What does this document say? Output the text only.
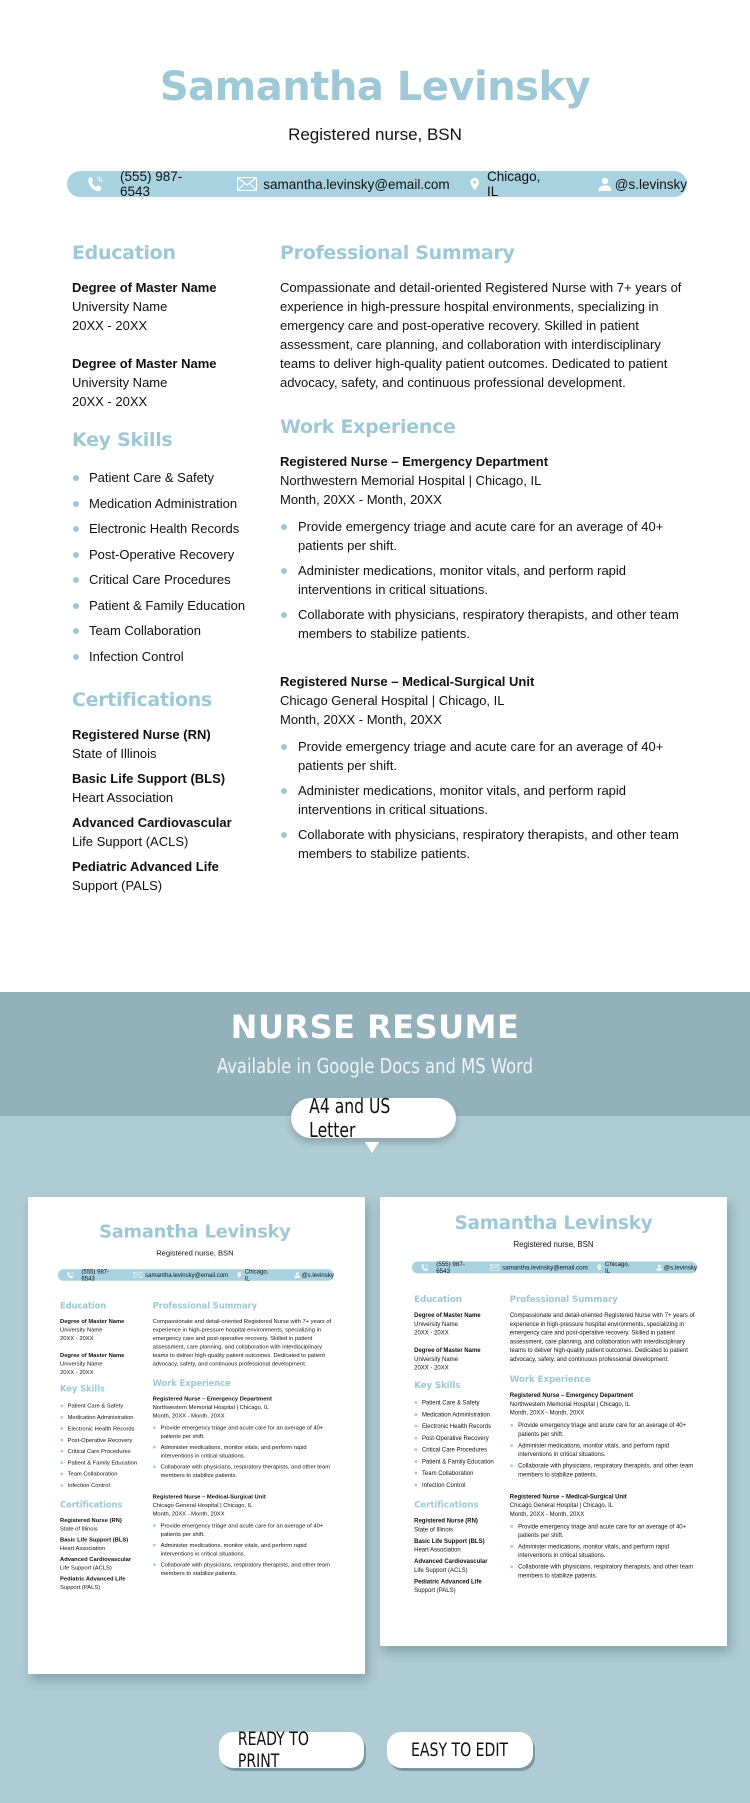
Samantha Levinsky
Registered nurse, BSN
(555) 987-6543	samantha.levinsky@email.com	Chicago, IL	@s.levinsky
Education
Degree of Master Name
University Name
20XX - 20XX
Degree of Master Name
University Name
20XX - 20XX
Key Skills
Patient Care & Safety
Medication Administration
Electronic Health Records
Post-Operative Recovery
Critical Care Procedures
Patient & Family Education
Team Collaboration
Infection Control
Certifications
Registered Nurse (RN)
State of Illinois
Basic Life Support (BLS)
Heart Association
Advanced Cardiovascular
Life Support (ACLS)
Pediatric Advanced Life
Support (PALS)
Professional Summary
Compassionate and detail-oriented Registered Nurse with 7+ years of experience in high-pressure hospital environments, specializing in emergency care and post-operative recovery. Skilled in patient assessment, care planning, and collaboration with interdisciplinary teams to deliver high-quality patient outcomes. Dedicated to patient advocacy, safety, and continuous professional development.
Work Experience
Registered Nurse – Emergency Department
Northwestern Memorial Hospital | Chicago, IL
Month, 20XX - Month, 20XX
Provide emergency triage and acute care for an average of 40+ patients per shift.
Administer medications, monitor vitals, and perform rapid interventions in critical situations.
Collaborate with physicians, respiratory therapists, and other team members to stabilize patients.
Registered Nurse – Medical-Surgical Unit
Chicago General Hospital | Chicago, IL
Month, 20XX - Month, 20XX
Provide emergency triage and acute care for an average of 40+ patients per shift.
Administer medications, monitor vitals, and perform rapid interventions in critical situations.
Collaborate with physicians, respiratory therapists, and other team members to stabilize patients.
NURSE RESUME
Available in Google Docs and MS Word
A4 and US Letter
Samantha Levinsky
Registered nurse, BSN
(555) 987-6543	samantha.levinsky@email.com Chicago, IL	@s.levinsky
Education
Degree of Master Name
University Name
20XX - 20XX
Degree of Master Name
University Name
20XX - 20XX
Key Skills
Patient Care & Safety
Medication Administration
Electronic Health Records
Post-Operative Recovery
Critical Care Procedures
Patient & Family Education
Team Collaboration
Infection Control
Certifications
Registered Nurse (RN)
State of Illinois
Basic Life Support (BLS)
Heart Association
Advanced Cardiovascular
Life Support (ACLS)
Pediatric Advanced Life
Support (PALS)
Professional Summary
Compassionate and detail-oriented Registered Nurse with 7+ years of experience in high-pressure hospital environments, specializing in emergency care and post-operative recovery. Skilled in patient assessment, care planning, and collaboration with interdisciplinary teams to deliver high-quality patient outcomes. Dedicated to patient advocacy, safety, and continuous professional development.
Work Experience
Registered Nurse – Emergency Department
Northwestern Memorial Hospital | Chicago, IL
Month, 20XX - Month, 20XX
Provide emergency triage and acute care for an average of 40+ patients per shift.
Administer medications, monitor vitals, and perform rapid interventions in critical situations.
Collaborate with physicians, respiratory therapists, and other team members to stabilize patients.
Registered Nurse – Medical-Surgical Unit
Chicago General Hospital | Chicago, IL
Month, 20XX - Month, 20XX
Provide emergency triage and acute care for an average of 40+ patients per shift.
Administer medications, monitor vitals, and perform rapid interventions in critical situations.
Collaborate with physicians, respiratory therapists, and other team members to stabilize patients.
Samantha Levinsky
Registered nurse, BSN
(555) 987-6543	samantha.levinsky@email.com Chicago, IL	@s.levinsky
Education
Degree of Master Name
University Name
20XX - 20XX
Degree of Master Name
University Name
20XX - 20XX
Key Skills
Patient Care & Safety
Medication Administration
Electronic Health Records
Post-Operative Recovery
Critical Care Procedures
Patient & Family Education
Team Collaboration
Infection Control
Certifications
Registered Nurse (RN)
State of Illinois
Basic Life Support (BLS)
Heart Association
Advanced Cardiovascular
Life Support (ACLS)
Pediatric Advanced Life
Support (PALS)
Professional Summary
Compassionate and detail-oriented Registered Nurse with 7+ years of experience in high-pressure hospital environments, specializing in emergency care and post-operative recovery. Skilled in patient assessment, care planning, and collaboration with interdisciplinary teams to deliver high-quality patient outcomes. Dedicated to patient advocacy, safety, and continuous professional development.
Work Experience
Registered Nurse – Emergency Department
Northwestern Memorial Hospital | Chicago, IL
Month, 20XX - Month, 20XX
Provide emergency triage and acute care for an average of 40+ patients per shift.
Administer medications, monitor vitals, and perform rapid interventions in critical situations.
Collaborate with physicians, respiratory therapists, and other team members to stabilize patients.
Registered Nurse – Medical-Surgical Unit
Chicago General Hospital | Chicago, IL
Month, 20XX - Month, 20XX
Provide emergency triage and acute care for an average of 40+ patients per shift.
Administer medications, monitor vitals, and perform rapid interventions in critical situations.
Collaborate with physicians, respiratory therapists, and other team members to stabilize patients.
READY TO PRINT	EASY TO EDIT
